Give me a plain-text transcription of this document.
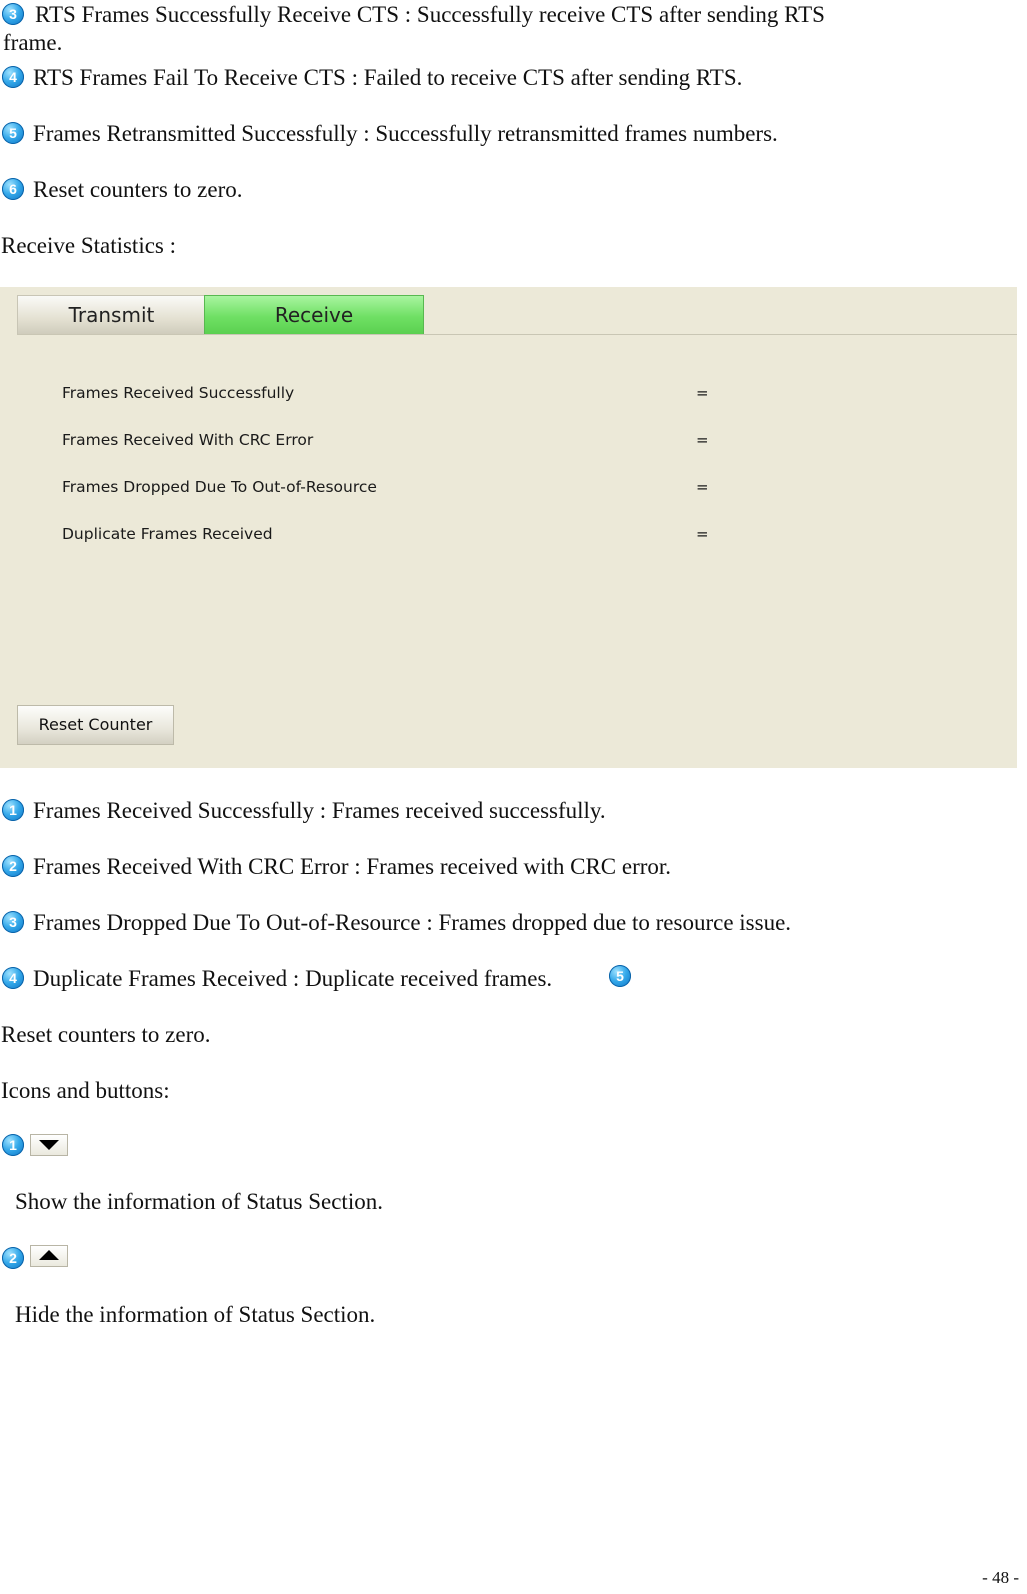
3 RTS Frames Successfully Receive CTS : Successfully receive CTS after sending RTS
frame.
4 RTS Frames Fail To Receive CTS : Failed to receive CTS after sending RTS.
5 Frames Retransmitted Successfully : Successfully retransmitted frames numbers.
6 Reset counters to zero.
Receive Statistics :
Transmit	Receive
Frames Received Successfully	=
Frames Received With CRC Error	=
Frames Dropped Due To Out-of-Resource	=
Duplicate Frames Received	=
Reset Counter
1 Frames Received Successfully : Frames received successfully.
2 Frames Received With CRC Error : Frames received with CRC error.
3 Frames Dropped Due To Out-of-Resource : Frames dropped due to resource issue.
4 Duplicate Frames Received : Duplicate received frames.	5
Reset counters to zero.
Icons and buttons:
1
Show the information of Status Section.
2
Hide the information of Status Section.
- 48 -
